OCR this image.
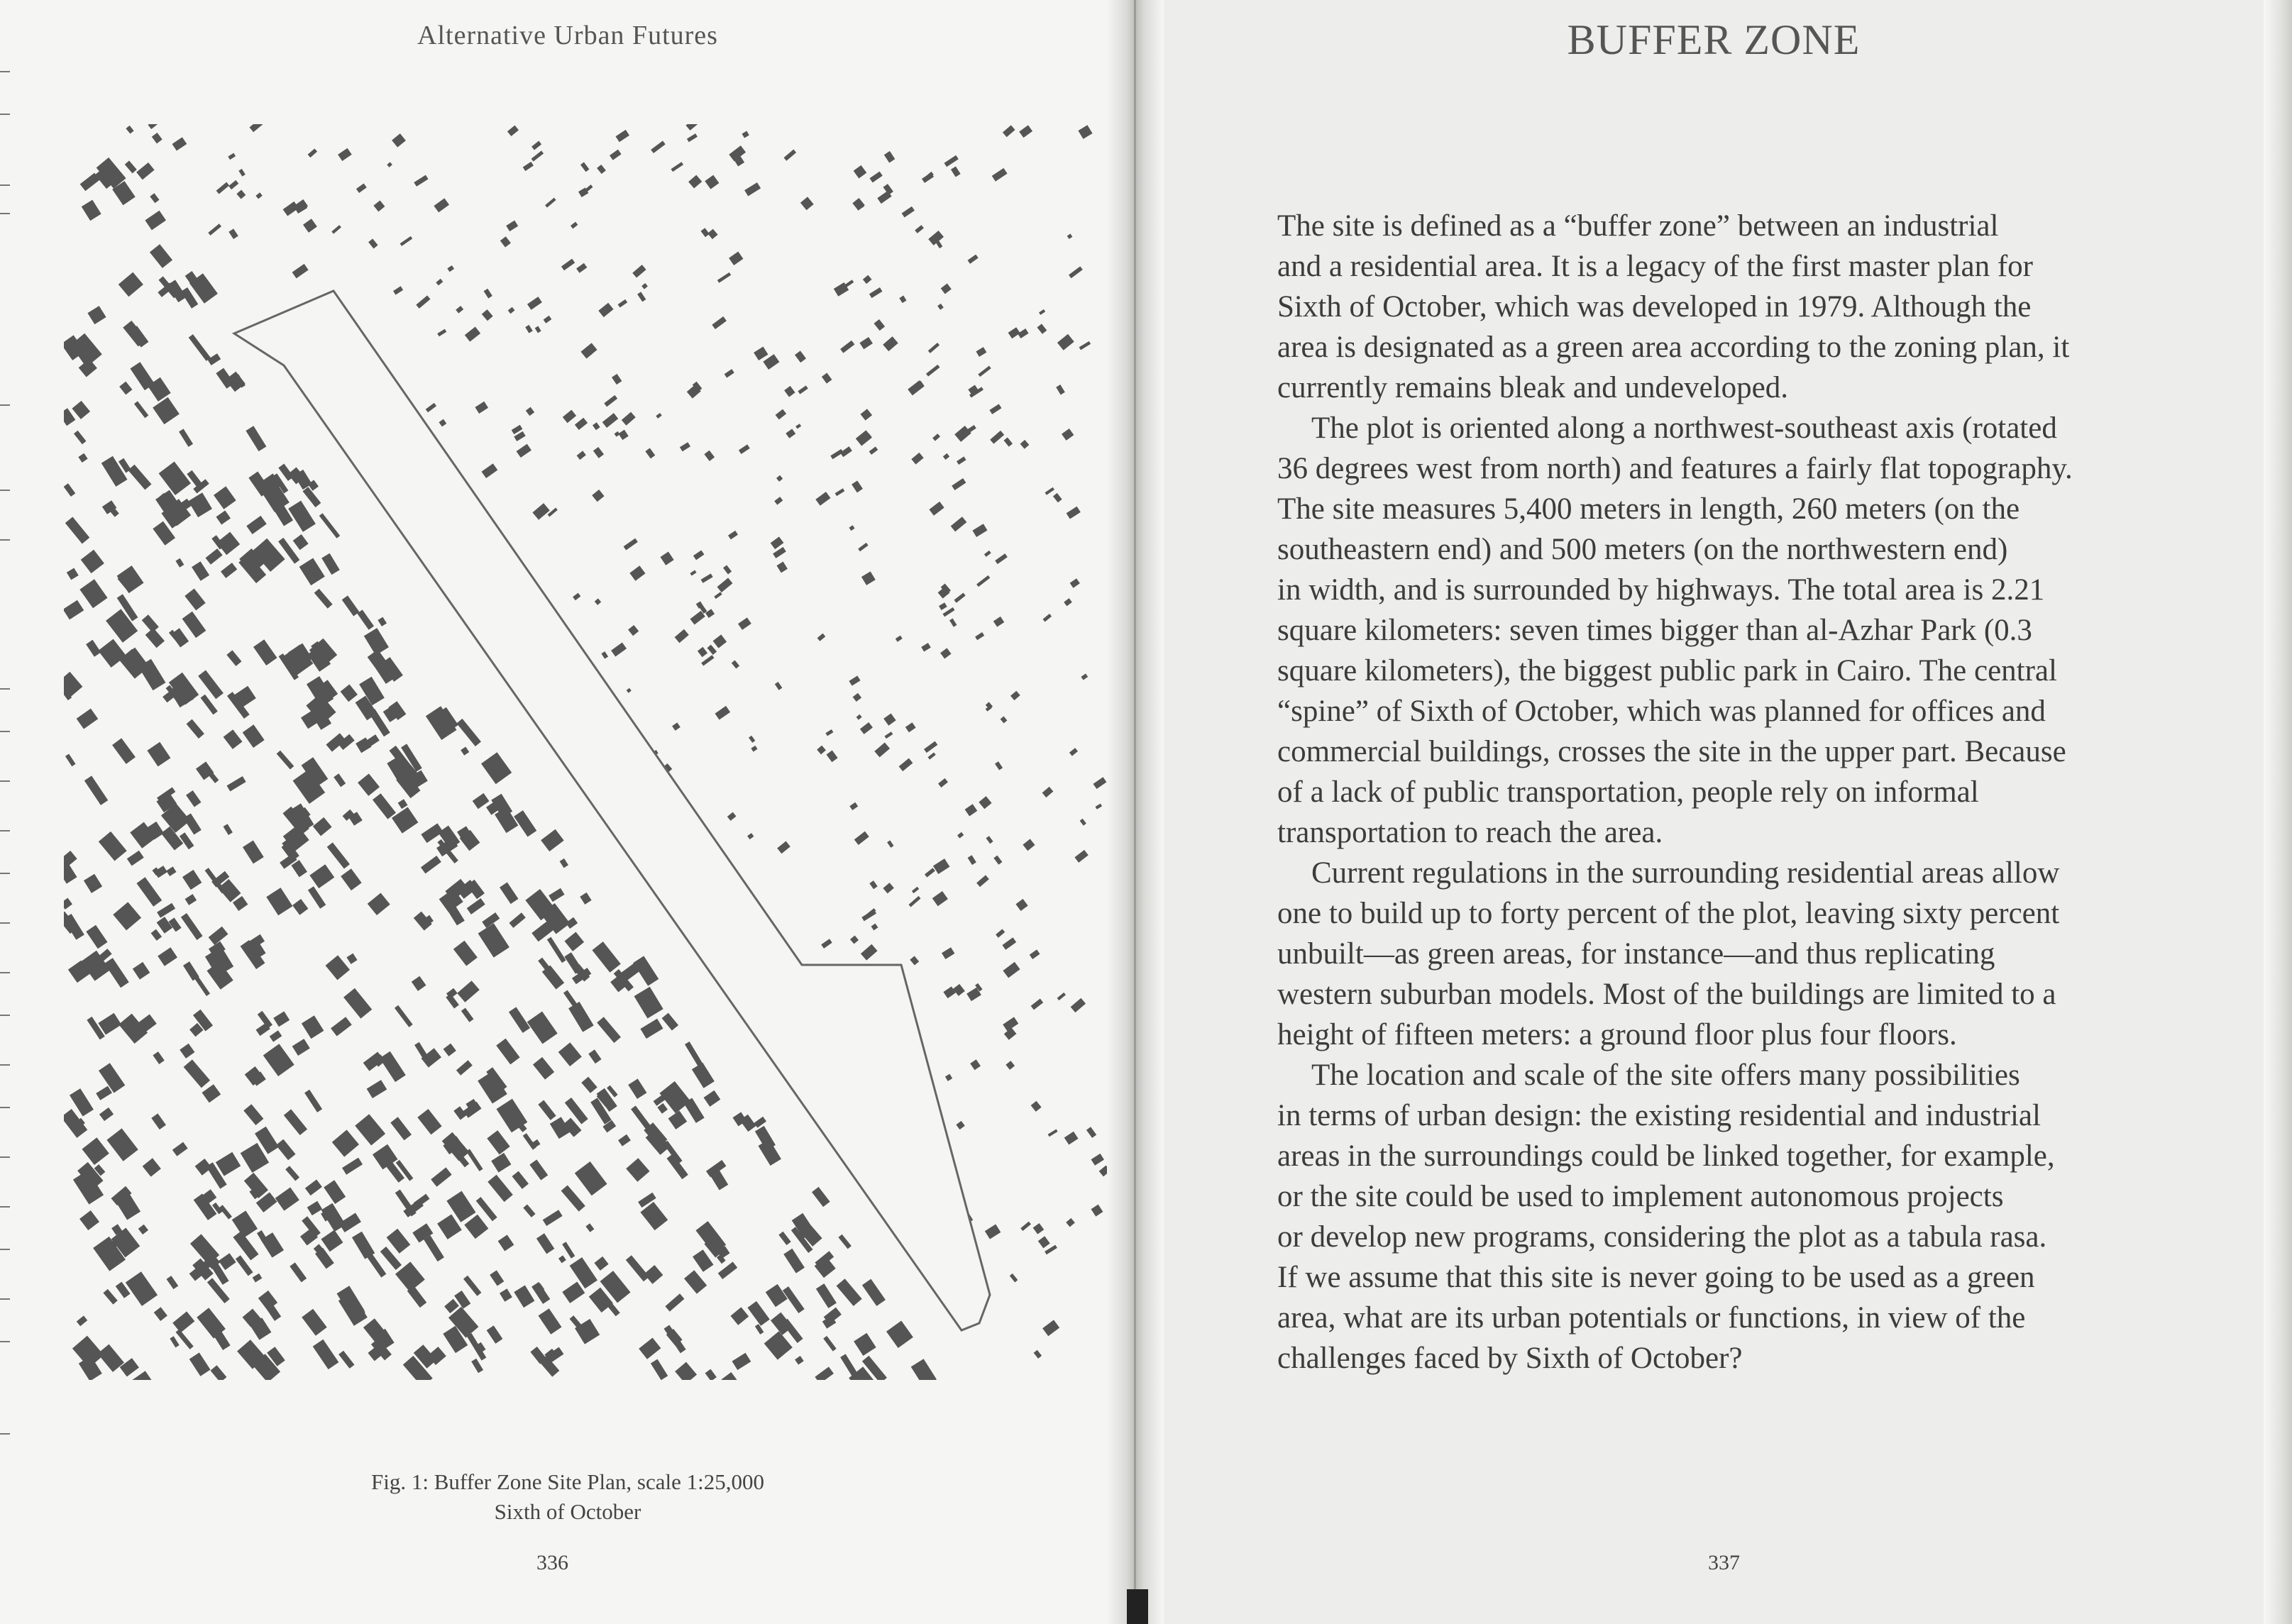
Alternative Urban Futures
Fig. 1: Buffer Zone Site Plan, scale 1:25,000
Sixth of October
336
BUFFER ZONE

The site is defined as a “buffer zone” between an industrial
and a residential area. It is a legacy of the first master plan for
Sixth of October, which was developed in 1979. Although the
area is designated as a green area according to the zoning plan, it
currently remains bleak and undeveloped.

The plot is oriented along a northwest-southeast axis (rotated
36 degrees west from north) and features a fairly flat topography.
The site measures 5,400 meters in length, 260 meters (on the
southeastern end) and 500 meters (on the northwestern end)
in width, and is surrounded by highways. The total area is 2.21
square kilometers: seven times bigger than al-Azhar Park (0.3
square kilometers), the biggest public park in Cairo. The central
“spine” of Sixth of October, which was planned for offices and
commercial buildings, crosses the site in the upper part. Because
of a lack of public transportation, people rely on informal
transportation to reach the area.

Current regulations in the surrounding residential areas allow
one to build up to forty percent of the plot, leaving sixty percent
unbuilt—as green areas, for instance—and thus replicating
western suburban models. Most of the buildings are limited to a
height of fifteen meters: a ground floor plus four floors.

The location and scale of the site offers many possibilities
in terms of urban design: the existing residential and industrial
areas in the surroundings could be linked together, for example,
or the site could be used to implement autonomous projects
or develop new programs, considering the plot as a tabula rasa.
If we assume that this site is never going to be used as a green
area, what are its urban potentials or functions, in view of the
challenges faced by Sixth of October?

337
